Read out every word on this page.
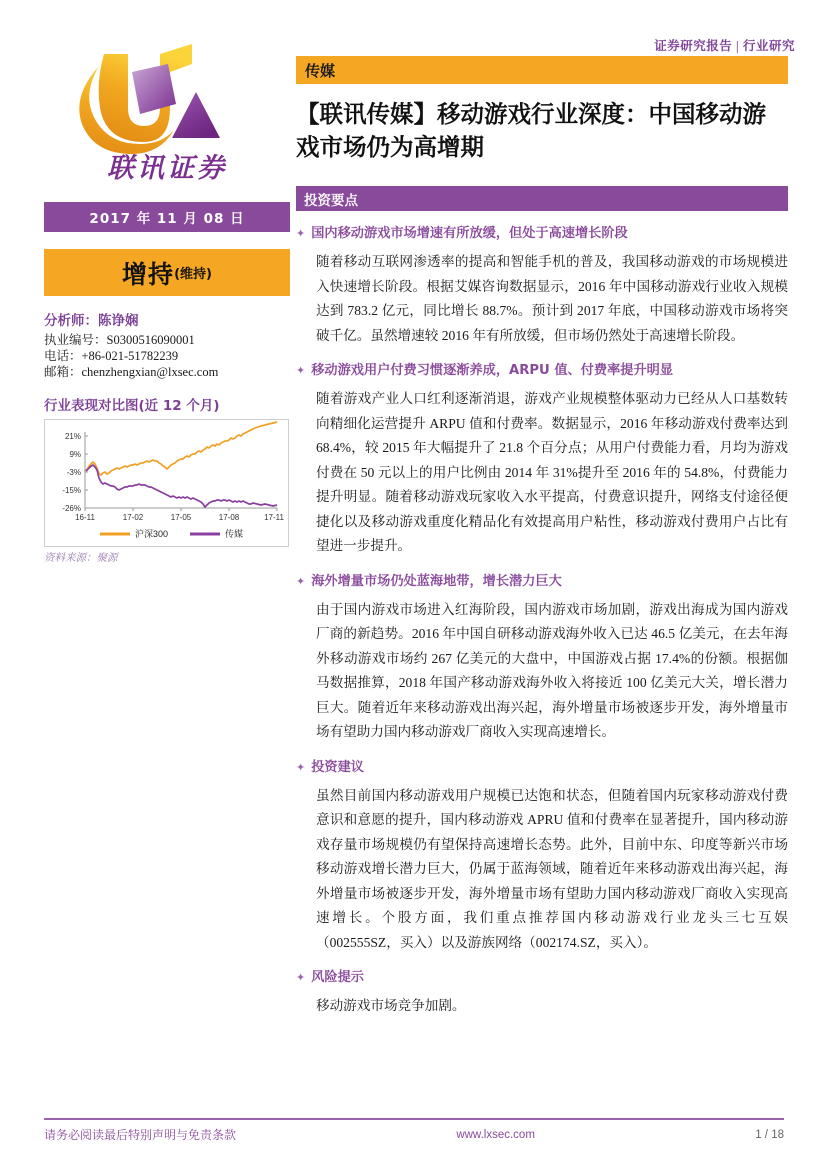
证券研究报告 | 行业研究
联讯证券
2017 年 11 月 08 日
增持 (维持)
分析师：陈诤娴
执业编号：S0300516090001
电话：+86-021-51782239
邮箱：chenzhengxian@lxsec.com
行业表现对比图(近 12 个月)
21%
9%
-3%
-15%
-26%
16-11	17-02	17-05	17-08	17-11
沪深300	传媒
资料来源：聚源
传媒
【联讯传媒】移动游戏行业深度：中国移动游戏市场仍为高增期
投资要点
✦ 国内移动游戏市场增速有所放缓，但处于高速增长阶段
随着移动互联网渗透率的提高和智能手机的普及，我国移动游戏的市场规模进入快速增长阶段。根据艾媒咨询数据显示，2016 年中国移动游戏行业收入规模达到 783.2 亿元，同比增长 88.7%。预计到 2017 年底，中国移动游戏市场将突破千亿。虽然增速较 2016 年有所放缓，但市场仍然处于高速增长阶段。
✦ 移动游戏用户付费习惯逐渐养成，ARPU 值、付费率提升明显
随着游戏产业人口红利逐渐消退，游戏产业规模整体驱动力已经从人口基数转向精细化运营提升 ARPU 值和付费率。数据显示，2016 年移动游戏付费率达到 68.4%，较 2015 年大幅提升了 21.8 个百分点；从用户付费能力看，月均为游戏付费在 50 元以上的用户比例由 2014 年 31%提升至 2016 年的 54.8%，付费能力提升明显。随着移动游戏玩家收入水平提高，付费意识提升，网络支付途径便捷化以及移动游戏重度化精品化有效提高用户粘性，移动游戏付费用户占比有望进一步提升。
✦ 海外增量市场仍处蓝海地带，增长潜力巨大
由于国内游戏市场进入红海阶段，国内游戏市场加剧，游戏出海成为国内游戏厂商的新趋势。2016 年中国自研移动游戏海外收入已达 46.5 亿美元，在去年海外移动游戏市场约 267 亿美元的大盘中，中国游戏占据 17.4%的份额。根据伽马数据推算，2018 年国产移动游戏海外收入将接近 100 亿美元大关，增长潜力巨大。随着近年来移动游戏出海兴起，海外增量市场被逐步开发，海外增量市场有望助力国内移动游戏厂商收入实现高速增长。
✦ 投资建议
虽然目前国内移动游戏用户规模已达饱和状态，但随着国内玩家移动游戏付费意识和意愿的提升，国内移动游戏 APRU 值和付费率在显著提升，国内移动游戏存量市场规模仍有望保持高速增长态势。此外，目前中东、印度等新兴市场移动游戏增长潜力巨大，仍属于蓝海领域，随着近年来移动游戏出海兴起，海外增量市场被逐步开发，海外增量市场有望助力国内移动游戏厂商收入实现高速增长。个股方面，我们重点推荐国内移动游戏行业龙头三七互娱（002555SZ，买入）以及游族网络（002174.SZ，买入）。
✦ 风险提示
移动游戏市场竞争加剧。
请务必阅读最后特别声明与免责条款	www.lxsec.com	1 / 18
